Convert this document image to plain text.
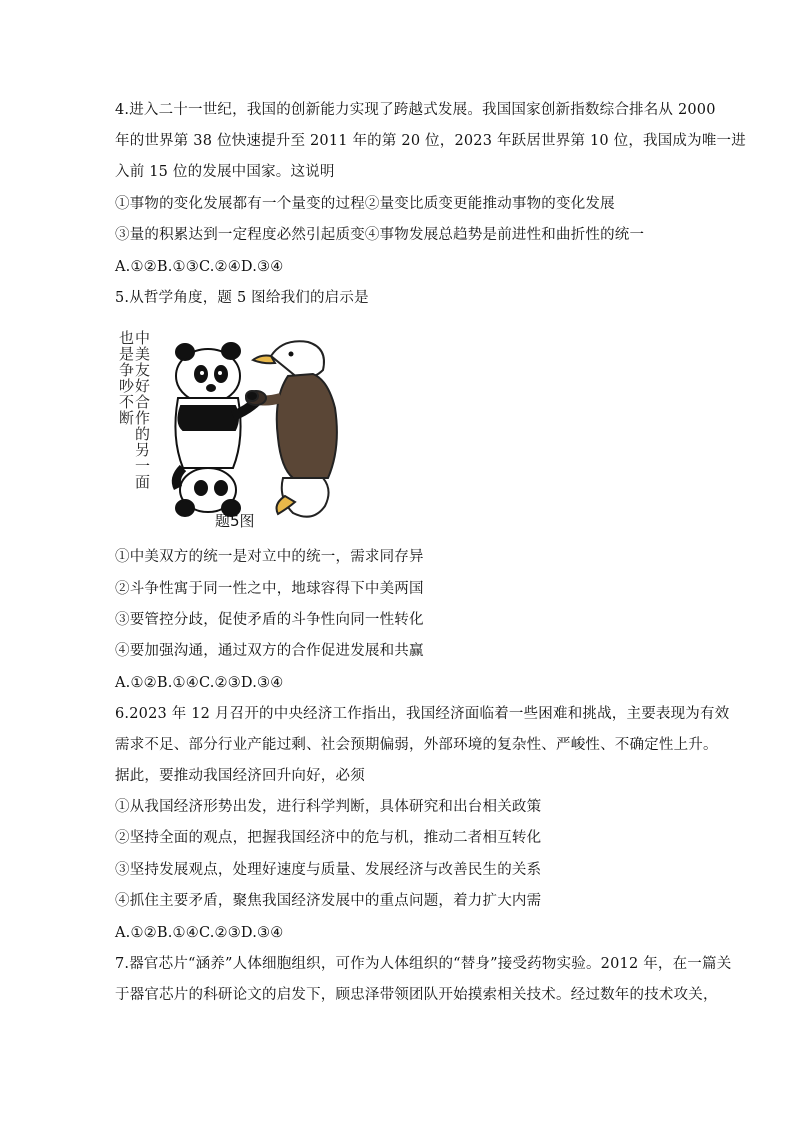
4.进入二十一世纪，我国的创新能力实现了跨越式发展。我国国家创新指数综合排名从 2000
年的世界第 38 位快速提升至 2011 年的第 20 位，2023 年跃居世界第 10 位，我国成为唯一进
入前 15 位的发展中国家。这说明
①事物的变化发展都有一个量变的过程②量变比质变更能推动事物的变化发展
③量的积累达到一定程度必然引起质变④事物发展总趋势是前进性和曲折性的统一
A.①②B.①③C.②④D.③④
5.从哲学角度，题 5 图给我们的启示是
中美友好合作的另一面
也是争吵不断
题5图
①中美双方的统一是对立中的统一，需求同存异
②斗争性寓于同一性之中，地球容得下中美两国
③要管控分歧，促使矛盾的斗争性向同一性转化
④要加强沟通，通过双方的合作促进发展和共赢
A.①②B.①④C.②③D.③④
6.2023 年 12 月召开的中央经济工作指出，我国经济面临着一些困难和挑战，主要表现为有效
需求不足、部分行业产能过剩、社会预期偏弱，外部环境的复杂性、严峻性、不确定性上升。
据此，要推动我国经济回升向好，必须
①从我国经济形势出发，进行科学判断，具体研究和出台相关政策
②坚持全面的观点，把握我国经济中的危与机，推动二者相互转化
③坚持发展观点，处理好速度与质量、发展经济与改善民生的关系
④抓住主要矛盾，聚焦我国经济发展中的重点问题，着力扩大内需
A.①②B.①④C.②③D.③④
7.器官芯片“涵养”人体细胞组织，可作为人体组织的“替身”接受药物实验。2012 年，在一篇关
于器官芯片的科研论文的启发下，顾忠泽带领团队开始摸索相关技术。经过数年的技术攻关，
